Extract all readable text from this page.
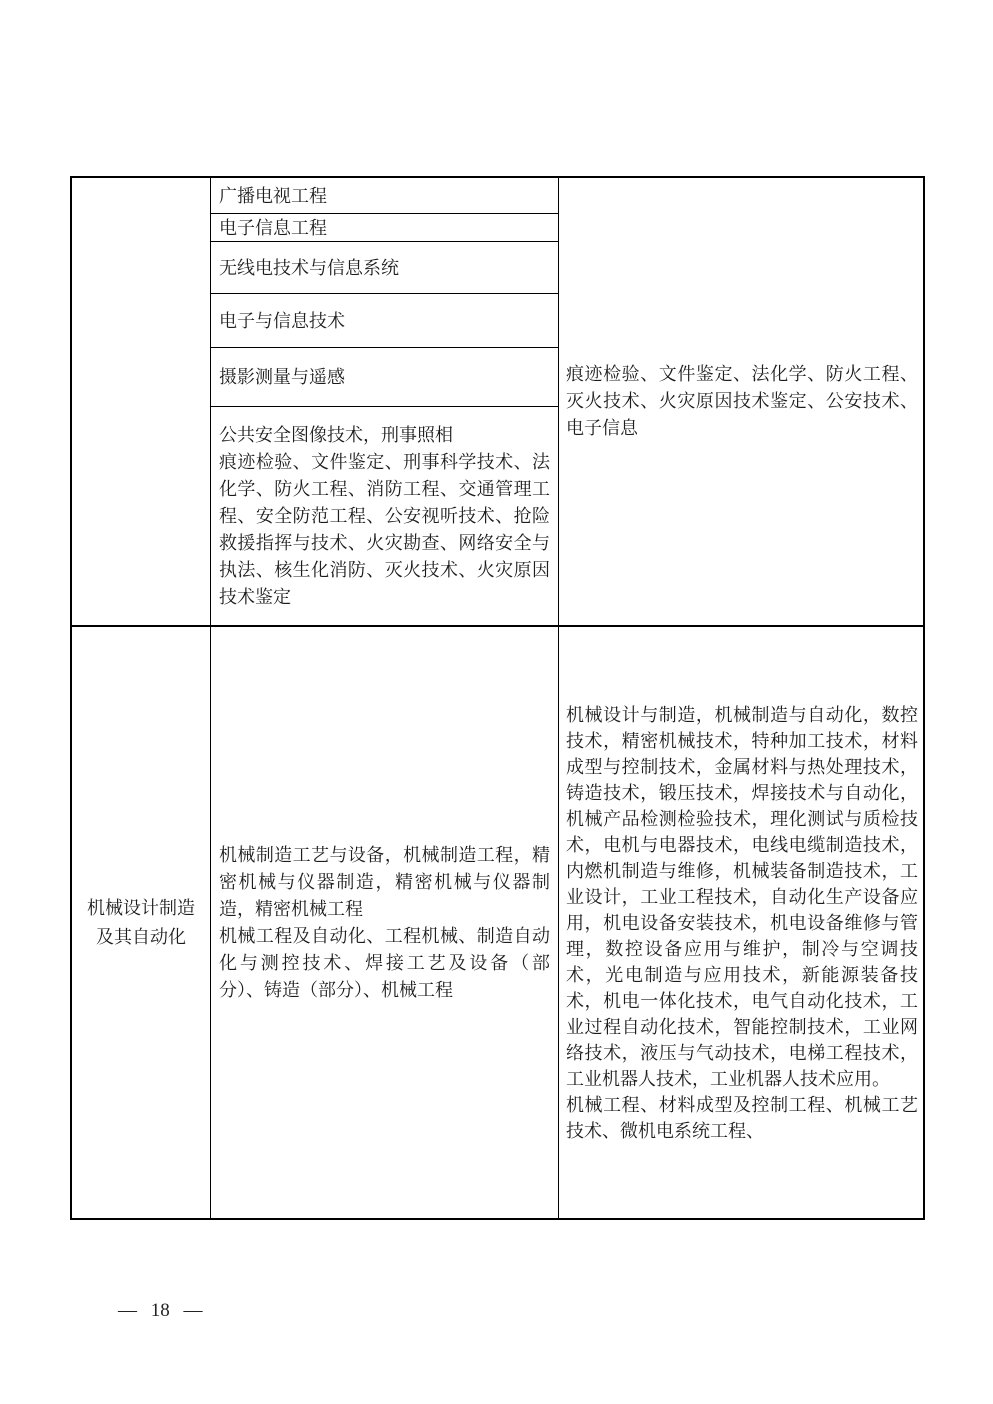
广播电视工程
电子信息工程
无线电技术与信息系统
电子与信息技术
摄影测量与遥感

公共安全图像技术，刑事照相

痕迹检验、文件鉴定、刑事科学技术、法化学、防火工程、消防工程、交通管理工程、安全防范工程、公安视听技术、抢险救援指挥与技术、火灾勘查、网络安全与执法、核生化消防、灭火技术、火灾原因技术鉴定

痕迹检验、文件鉴定、法化学、防火工程、灭火技术、火灾原因技术鉴定、公安技术、电子信息

机械设计制造
及其自动化

机械制造工艺与设备，机械制造工程，精密机械与仪器制造，精密机械与仪器制造，精密机械工程

机械工程及自动化、工程机械、制造自动化与测控技术、焊接工艺及设备（部分）、铸造（部分）、机械工程

机械设计与制造，机械制造与自动化，数控技术，精密机械技术，特种加工技术，材料成型与控制技术，金属材料与热处理技术，铸造技术，锻压技术，焊接技术与自动化，机械产品检测检验技术，理化测试与质检技术，电机与电器技术，电线电缆制造技术，内燃机制造与维修，机械装备制造技术，工业设计，工业工程技术，自动化生产设备应用，机电设备安装技术，机电设备维修与管理，数控设备应用与维护，制冷与空调技术，光电制造与应用技术，新能源装备技术，机电一体化技术，电气自动化技术，工业过程自动化技术，智能控制技术，工业网络技术，液压与气动技术，电梯工程技术，工业机器人技术，工业机器人技术应用。

机械工程、材料成型及控制工程、机械工艺技术、微机电系统工程、

— 18 —
